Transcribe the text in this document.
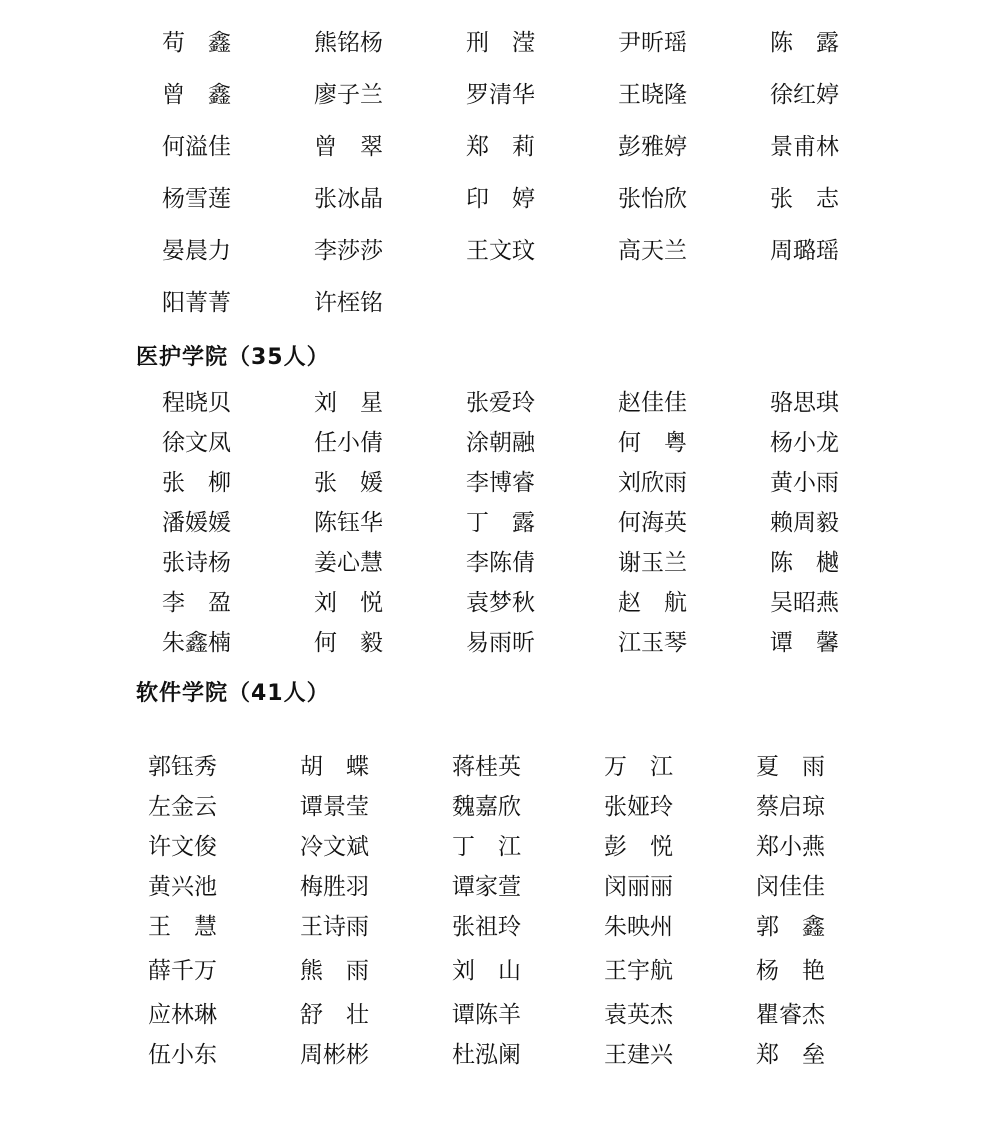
苟　鑫	熊铭杨	刑　滢	尹昕瑶	陈　露
曾　鑫	廖子兰	罗清华	王晓隆	徐红婷
何溢佳	曾　翠	郑　莉	彭雅婷	景甫林
杨雪莲	张冰晶	印　婷	张怡欣	张　志
晏晨力	李莎莎	王文玟	高天兰	周璐瑶
阳菁菁	许桎铭
医护学院（35人）
程晓贝	刘　星	张爱玲	赵佳佳	骆思琪
徐文凤	任小倩	涂朝融	何　粤	杨小龙
张　柳	张　媛	李博睿	刘欣雨	黄小雨
潘媛媛	陈钰华	丁　露	何海英	赖周毅
张诗杨	姜心慧	李陈倩	谢玉兰	陈　樾
李　盈	刘　悦	袁梦秋	赵　航	吴昭燕
朱鑫楠	何　毅	易雨昕	江玉琴	谭　馨
软件学院（41人）
郭钰秀	胡　蝶	蒋桂英	万　江	夏　雨
左金云	谭景莹	魏嘉欣	张娅玲	蔡启琼
许文俊	冷文斌	丁　江	彭　悦	郑小燕
黄兴池	梅胜羽	谭家萱	闵丽丽	闵佳佳
王　慧	王诗雨	张祖玲	朱映州	郭　鑫
薛千万	熊　雨	刘　山	王宇航	杨　艳
应林琳	舒　壮	谭陈羊	袁英杰	瞿睿杰
伍小东	周彬彬	杜泓阑	王建兴	郑　垒
